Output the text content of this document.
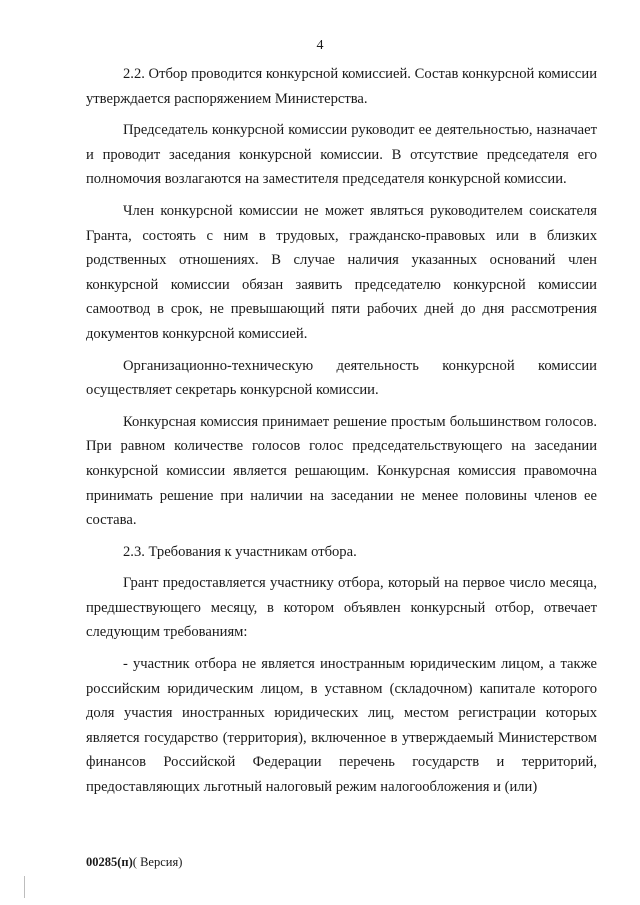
4

2.2. Отбор проводится конкурсной комиссией. Состав конкурсной комиссии утверждается распоряжением Министерства.

Председатель конкурсной комиссии руководит ее деятельностью, назначает и проводит заседания конкурсной комиссии. В отсутствие председателя его полномочия возлагаются на заместителя председателя конкурсной комиссии.

Член конкурсной комиссии не может являться руководителем соискателя Гранта, состоять с ним в трудовых, гражданско-правовых или в близких родственных отношениях. В случае наличия указанных оснований член конкурсной комиссии обязан заявить председателю конкурсной комиссии самоотвод в срок, не превышающий пяти рабочих дней до дня рассмотрения документов конкурсной комиссией.

Организационно-техническую деятельность конкурсной комиссии осуществляет секретарь конкурсной комиссии.

Конкурсная комиссия принимает решение простым большинством голосов. При равном количестве голосов голос председательствующего на заседании конкурсной комиссии является решающим. Конкурсная комиссия правомочна принимать решение при наличии на заседании не менее половины членов ее состава.

2.3. Требования к участникам отбора.

Грант предоставляется участнику отбора, который на первое число месяца, предшествующего месяцу, в котором объявлен конкурсный отбор, отвечает следующим требованиям:

- участник отбора не является иностранным юридическим лицом, а также российским юридическим лицом, в уставном (складочном) капитале которого доля участия иностранных юридических лиц, местом регистрации которых является государство (территория), включенное в утверждаемый Министерством финансов Российской Федерации перечень государств и территорий, предоставляющих льготный налоговый режим налогообложения и (или)

00285(п)( Версия)
